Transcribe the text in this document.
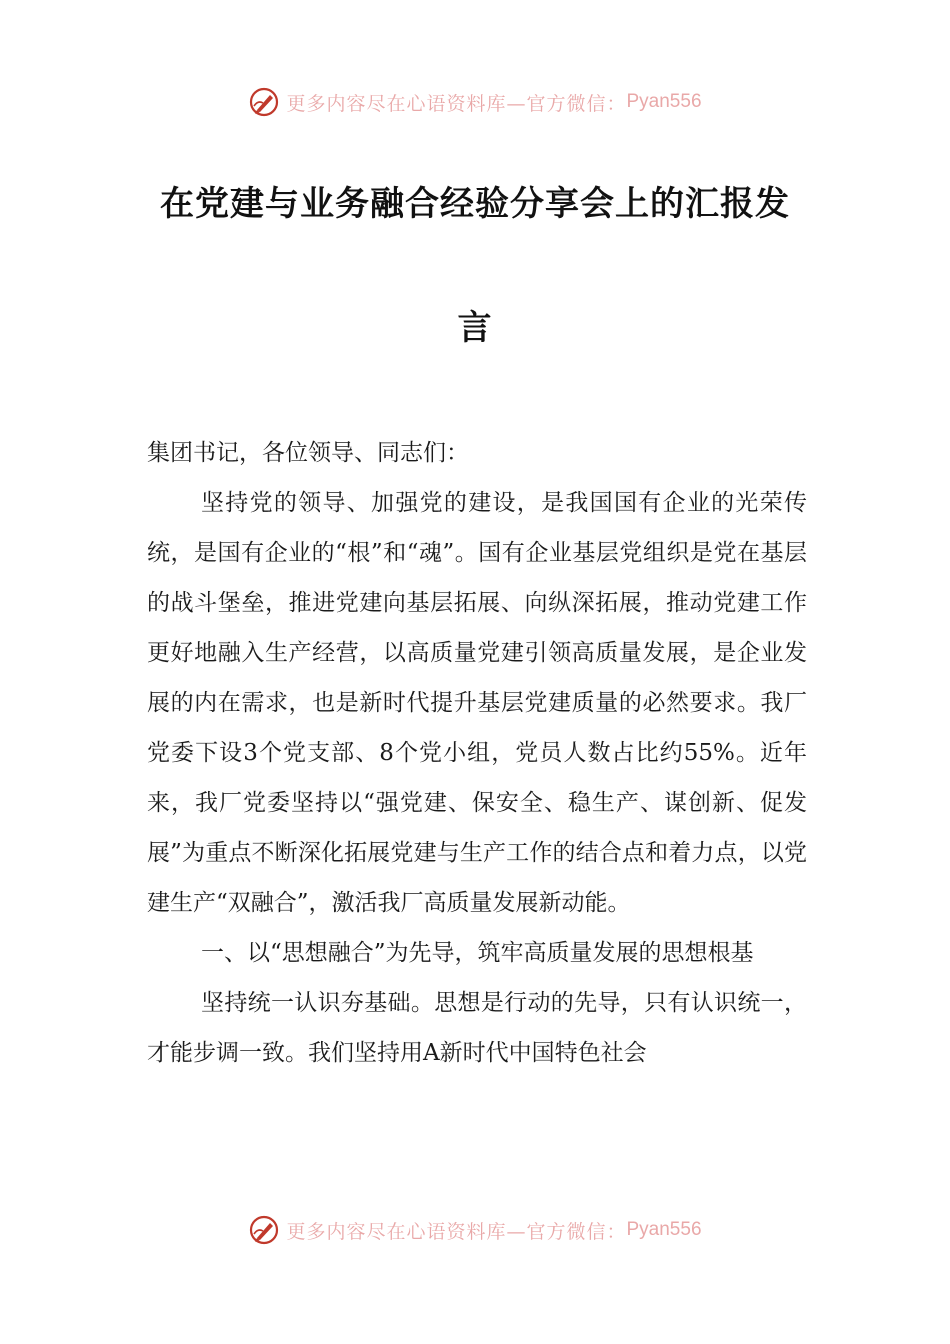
更多内容尽在心语资料库—官方微信： Pyan556
在党建与业务融合经验分享会上的汇报发
言

集团书记，各位领导、同志们：

坚持党的领导、加强党的建设，是我国国有企业的光荣传统，是国有企业的“根”和“魂”。国有企业基层党组织是党在基层的战斗堡垒，推进党建向基层拓展、向纵深拓展，推动党建工作更好地融入生产经营，以高质量党建引领高质量发展，是企业发展的内在需求，也是新时代提升基层党建质量的必然要求。我厂党委下设3个党支部、8个党小组，党员人数占比约55%。近年来，我厂党委坚持以“强党建、保安全、稳生产、谋创新、促发展”为重点不断深化拓展党建与生产工作的结合点和着力点，以党建生产“双融合”，激活我厂高质量发展新动能。

一、以“思想融合”为先导，筑牢高质量发展的思想根基

坚持统一认识夯基础。思想是行动的先导，只有认识统一，才能步调一致。我们坚持用A新时代中国特色社会

更多内容尽在心语资料库—官方微信： Pyan556
